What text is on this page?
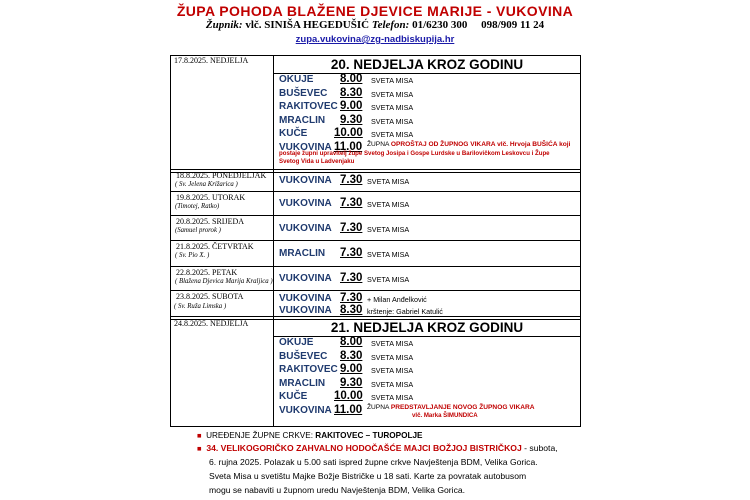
ŽUPA POHODA BLAŽENE DJEVICE MARIJE - VUKOVINA
Župnik: vlč. SINIŠA HEGEDUŠIĆ Telefon: 01/6230 300 098/909 11 24
zupa.vukovina@zg-nadbiskupija.hr
17.8.2025. NEDJELJA	20. NEDJELJA KROZ GODINU
OKUJE 8.00 SVETA MISA
BUŠEVEC 8.30 SVETA MISA
RAKITOVEC 9.00 SVETA MISA
MRACLIN 9.30 SVETA MISA
KUČE 10.00 SVETA MISA
VUKOVINA 11.00 ŽUPNA OPROŠTAJ OD ŽUPNOG VIKARA vlč. Hrvoja BUŠIĆA koji
postaje župni upravitelj župe Svetog Josipa i Gospe Lurdske u Barilovičkom Leskovcu i Župe
Svetog Vida u Ladvenjaku
18.8.2025. PONEDJELJAK
( Sv. Jelena Križarica )	VUKOVINA 7.30 SVETA MISA
19.8.2025. UTORAK
(Timotej, Ratko)	VUKOVINA 7.30 SVETA MISA
20.8.2025. SRIJEDA
(Samuel prorok )	VUKOVINA 7.30 SVETA MISA
21.8.2025. ČETVRTAK
( Sv. Pio X. )	MRACLIN 7.30 SVETA MISA
22.8.2025. PETAK
( Blažena Djevica Marija Kraljica ) VUKOVINA 7.30 SVETA MISA
23.8.2025. SUBOTA
( Sv. Ruža Limska )
VUKOVINA 7.30 + Milan Anđelković
VUKOVINA 8.30 krštenje: Gabriel Katulić
24.8.2025. NEDJELJA	21. NEDJELJA KROZ GODINU
OKUJE 8.00 SVETA MISA
BUŠEVEC 8.30 SVETA MISA
RAKITOVEC 9.00 SVETA MISA
MRACLIN 9.30 SVETA MISA
KUČE 10.00 SVETA MISA
VUKOVINA 11.00 ŽUPNA PREDSTAVLJANJE NOVOG ŽUPNOG VIKARA
vlč. Marka ŠIMUNDICA
■ UREĐENJE ŽUPNE CRKVE: RAKITOVEC – TUROPOLJE
■ 34. VELIKOGORIČKO ZAHVALNO HODOČAŠĆE MAJCI BOŽJOJ BISTRIČKOJ - subota,
6. rujna 2025. Polazak u 5.00 sati ispred župne crkve Navještenja BDM, Velika Gorica.
Sveta Misa u svetištu Majke Božje Bistričke u 18 sati. Karte za povratak autobusom
mogu se nabaviti u župnom uredu Navještenja BDM, Velika Gorica.
